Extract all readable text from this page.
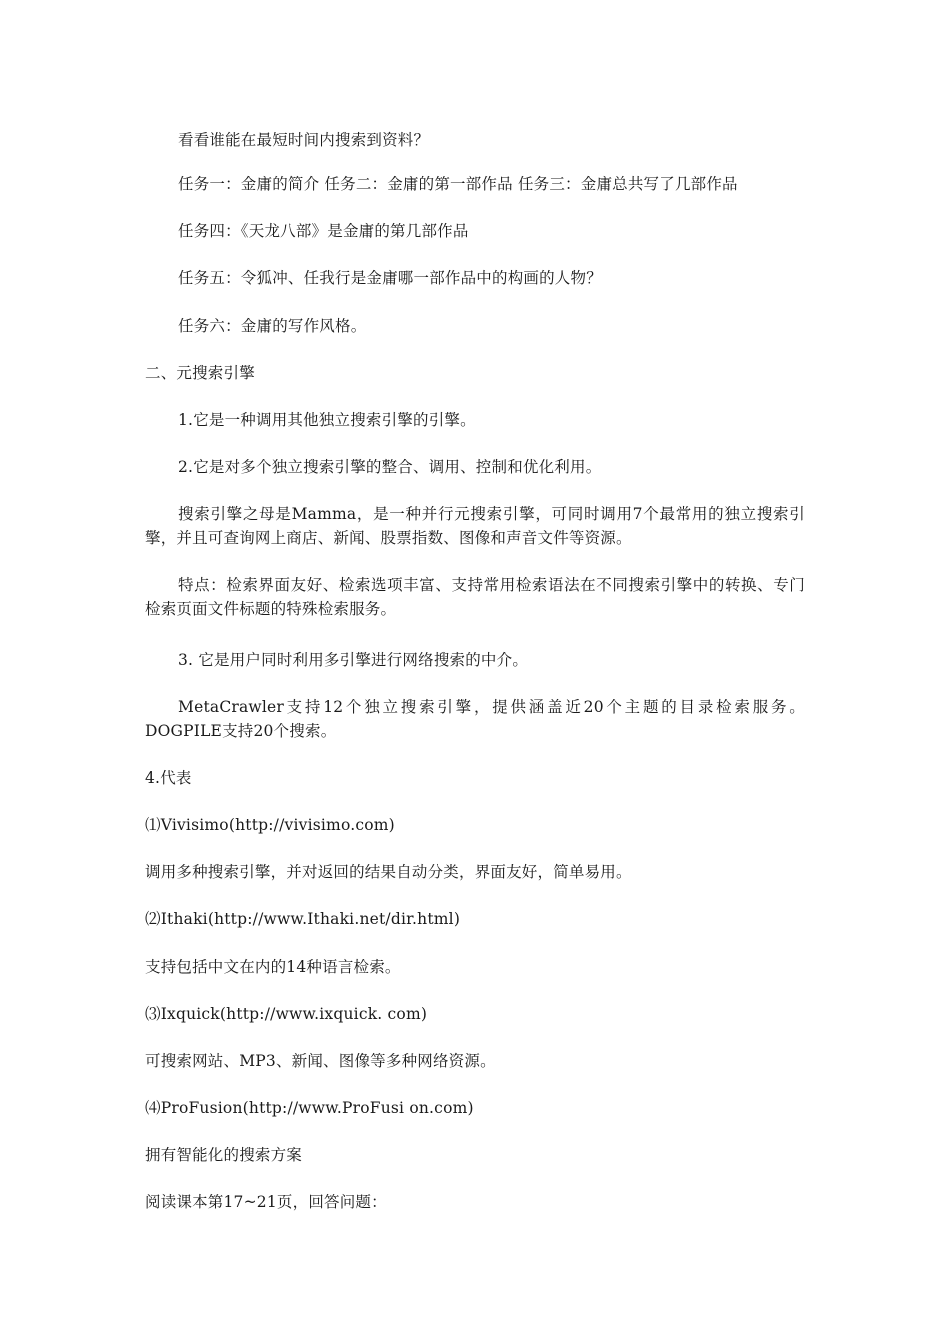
看看谁能在最短时间内搜索到资料？
任务一：金庸的简介 任务二：金庸的第一部作品 任务三：金庸总共写了几部作品
任务四：《天龙八部》是金庸的第几部作品
任务五：令狐冲、任我行是金庸哪一部作品中的构画的人物？
任务六：金庸的写作风格。
二、元搜索引擎
1.它是一种调用其他独立搜索引擎的引擎。
2.它是对多个独立搜索引擎的整合、调用、控制和优化利用。
搜索引擎之母是Mamma，是一种并行元搜索引擎，可同时调用7个最常用的独立搜索引擎，并且可查询网上商店、新闻、股票指数、图像和声音文件等资源。
特点：检索界面友好、检索选项丰富、支持常用检索语法在不同搜索引擎中的转换、专门检索页面文件标题的特殊检索服务。
3. 它是用户同时利用多引擎进行网络搜索的中介。
MetaCrawler支持12个独立搜索引擎，提供涵盖近20个主题的目录检索服务。DOGPILE支持20个搜索。
4.代表
⑴Vivisimo(http://vivisimo.com)
调用多种搜索引擎，并对返回的结果自动分类，界面友好，简单易用。
⑵Ithaki(http://www.Ithaki.net/dir.html)
支持包括中文在内的14种语言检索。
⑶Ixquick(http://www.ixquick. com)
可搜索网站、MP3、新闻、图像等多种网络资源。
⑷ProFusion(http://www.ProFusi on.com)
拥有智能化的搜索方案
阅读课本第17~21页，回答问题：
